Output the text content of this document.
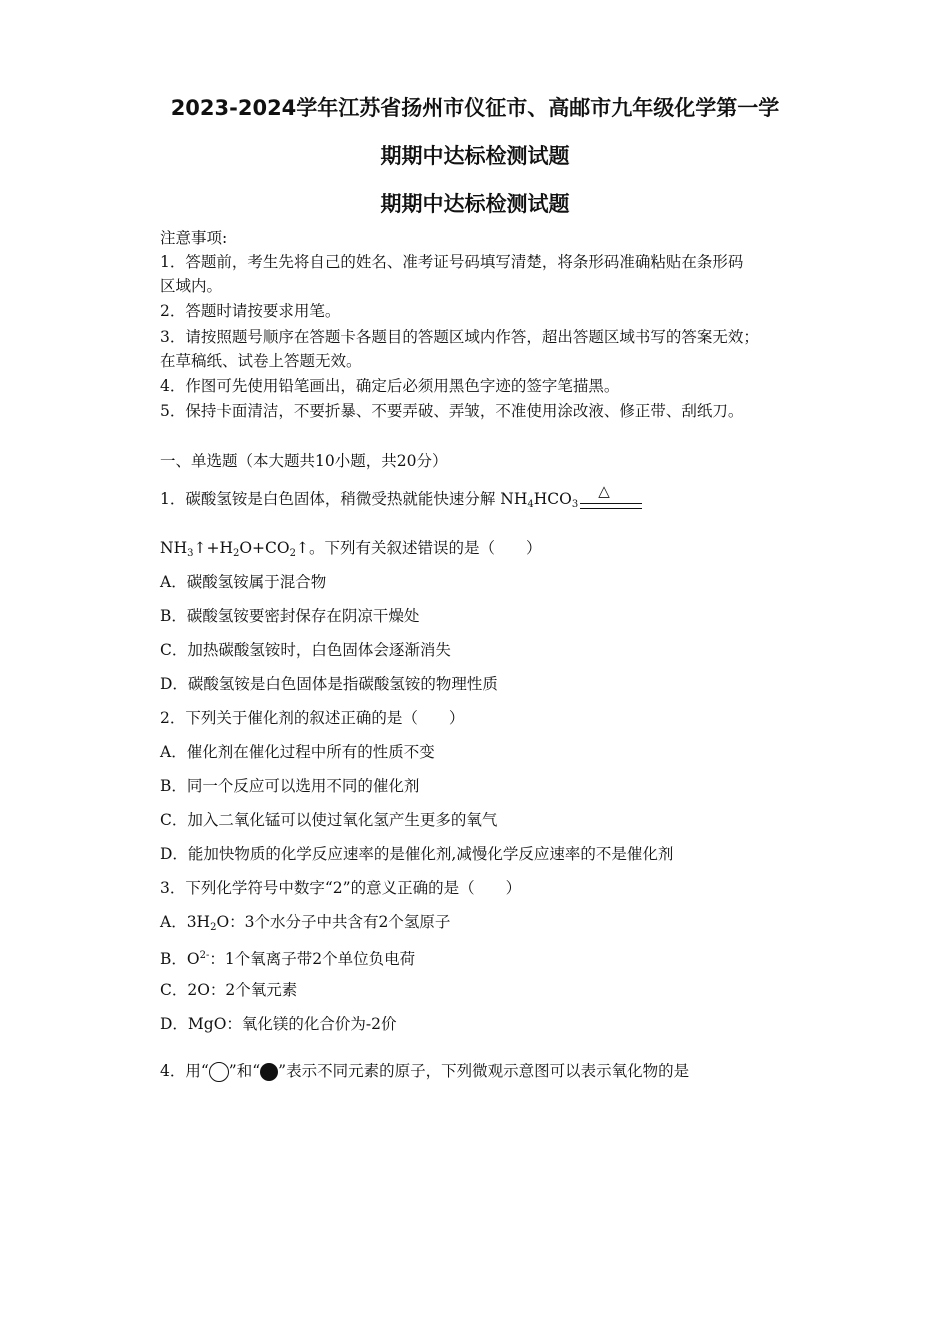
2023-2024学年江苏省扬州市仪征市、高邮市九年级化学第一学
期期中达标检测试题
期期中达标检测试题
注意事项:
1．答题前，考生先将自己的姓名、准考证号码填写清楚，将条形码准确粘贴在条形码
区域内。
2．答题时请按要求用笔。
3．请按照题号顺序在答题卡各题目的答题区域内作答，超出答题区域书写的答案无效；
在草稿纸、试卷上答题无效。
4．作图可先使用铅笔画出，确定后必须用黑色字迹的签字笔描黑。
5．保持卡面清洁，不要折暴、不要弄破、弄皱，不准使用涂改液、修正带、刮纸刀。
一、单选题（本大题共10小题，共20分）
1．碳酸氢铵是白色固体，稍微受热就能快速分解 $NH_4HCO_3$
△
$NH_3↑+H_2O+CO_2↑$。下列有关叙述错误的是（　　）
A．碳酸氢铵属于混合物
B．碳酸氢铵要密封保存在阴凉干燥处
C．加热碳酸氢铵时，白色固体会逐渐消失
D．碳酸氢铵是白色固体是指碳酸氢铵的物理性质
2．下列关于催化剂的叙述正确的是（　　）
A．催化剂在催化过程中所有的性质不变
B．同一个反应可以选用不同的催化剂
C．加入二氧化锰可以使过氧化氢产生更多的氧气
D．能加快物质的化学反应速率的是催化剂,减慢化学反应速率的不是催化剂
3．下列化学符号中数字“2”的意义正确的是（　　）
A．$3H_2O$：3个水分子中共含有2个氢原子
B．$O^{2-}$：1个氧离子带2个单位负电荷
C．2O：2个氧元素
D．MgO：氧化镁的化合价为-2价
4．用“ ”和“ ”表示不同元素的原子，下列微观示意图可以表示氧化物的是
